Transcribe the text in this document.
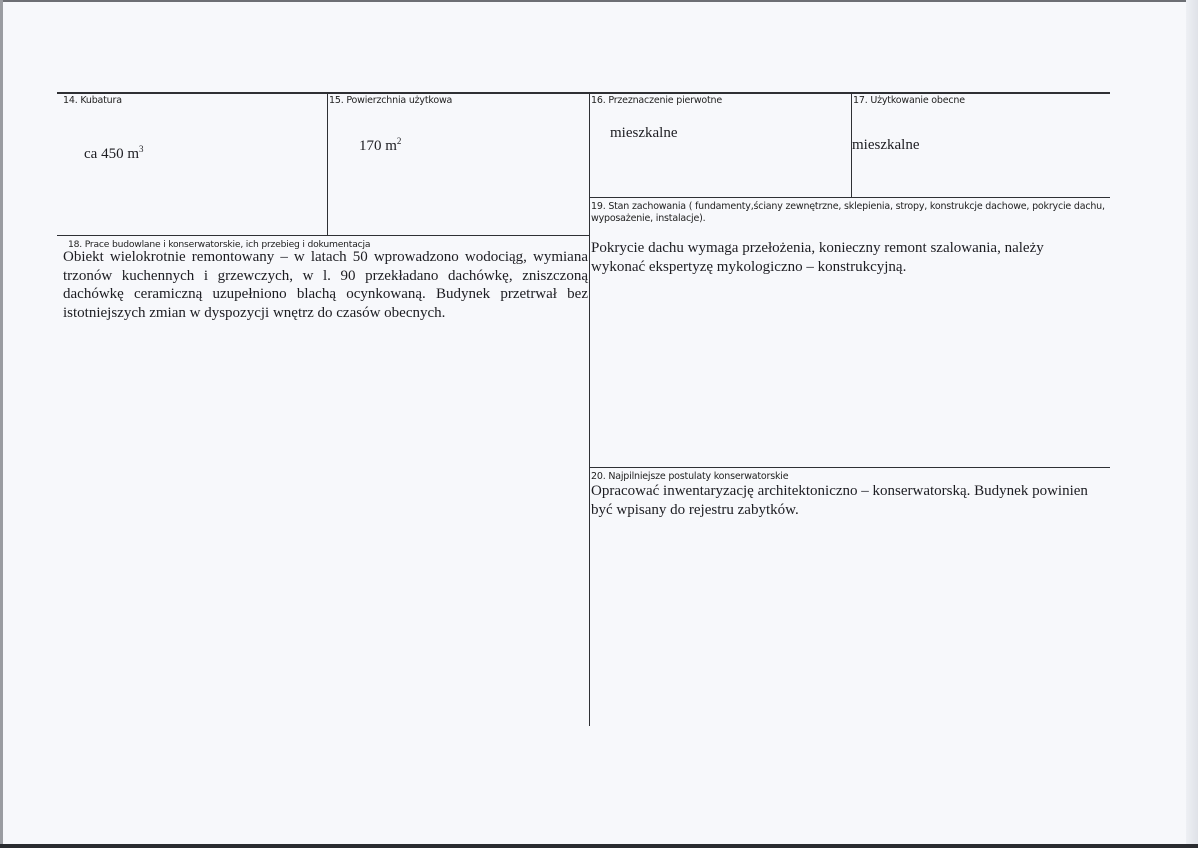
14. Kubatura
ca 450 $m^3$
15. Powierzchnia użytkowa
170 $m^2$
16. Przeznaczenie pierwotne
mieszkalne
17. Użytkowanie obecne
mieszkalne
18. Prace budowlane i konserwatorskie, ich przebieg i dokumentacja
Obiekt wielokrotnie remontowany – w latach 50 wprowadzono wodociąg, wymiana trzonów kuchennych i grzewczych, w l. 90 przekładano dachówkę, zniszczoną dachówkę ceramiczną uzupełniono blachą ocynkowaną. Budynek przetrwał bez istotniejszych zmian w dyspozycji wnętrz do czasów obecnych.
19. Stan zachowania ( fundamenty,ściany zewnętrzne, sklepienia, stropy, konstrukcje dachowe, pokrycie dachu, wyposażenie, instalacje).
Pokrycie dachu wymaga przełożenia, konieczny remont szalowania, należy wykonać ekspertyzę mykologiczno – konstrukcyjną.
20. Najpilniejsze postulaty konserwatorskie
Opracować inwentaryzację architektoniczno – konserwatorską. Budynek powinien być wpisany do rejestru zabytków.
